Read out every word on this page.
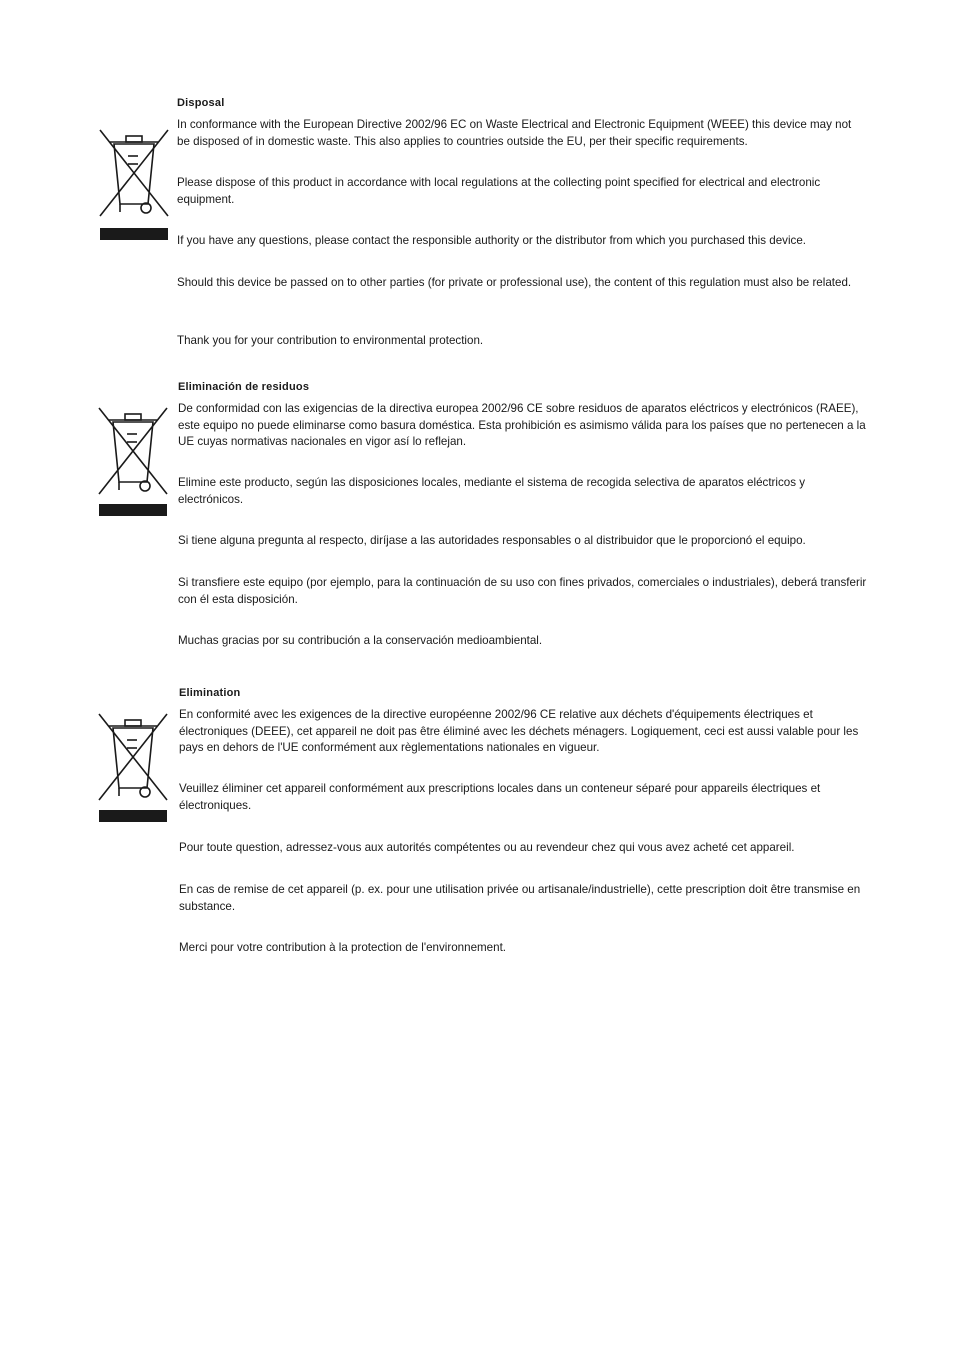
Disposal

In conformance with the European Directive 2002/96 EC on Waste Electrical and Electronic Equipment (WEEE) this device may not be disposed of in domestic waste. This also applies to countries outside the EU, per their specific requirements.

Please dispose of this product in accordance with local regulations at the collecting point specified for electrical and electronic equipment.

If you have any questions, please contact the responsible authority or the distributor from which you purchased this device.

Should this device be passed on to other parties (for private or professional use), the content of this regulation must also be related.

Thank you for your contribution to environmental protection.

Eliminación de residuos

De conformidad con las exigencias de la directiva europea 2002/96 CE sobre residuos de aparatos eléctricos y electrónicos (RAEE), este equipo no puede eliminarse como basura doméstica. Esta prohibición es asimismo válida para los países que no pertenecen a la UE cuyas normativas nacionales en vigor así lo reflejan.

Elimine este producto, según las disposiciones locales, mediante el sistema de recogida selectiva de aparatos eléctricos y electrónicos.

Si tiene alguna pregunta al respecto, diríjase a las autoridades responsables o al distribuidor que le proporcionó el equipo.

Si transfiere este equipo (por ejemplo, para la continuación de su uso con fines privados, comerciales o industriales), deberá transferir con él esta disposición.

Muchas gracias por su contribución a la conservación medioambiental.

Elimination

En conformité avec les exigences de la directive européenne 2002/96 CE relative aux déchets d'équipements électriques et électroniques (DEEE), cet appareil ne doit pas être éliminé avec les déchets ménagers. Logiquement, ceci est aussi valable pour les pays en dehors de l'UE conformément aux règlementations nationales en vigueur.

Veuillez éliminer cet appareil conformément aux prescriptions locales dans un conteneur séparé pour appareils électriques et électroniques.

Pour toute question, adressez-vous aux autorités compétentes ou au revendeur chez qui vous avez acheté cet appareil.

En cas de remise de cet appareil (p. ex. pour une utilisation privée ou artisanale/industrielle), cette prescription doit être transmise en substance.

Merci pour votre contribution à la protection de l'environnement.
